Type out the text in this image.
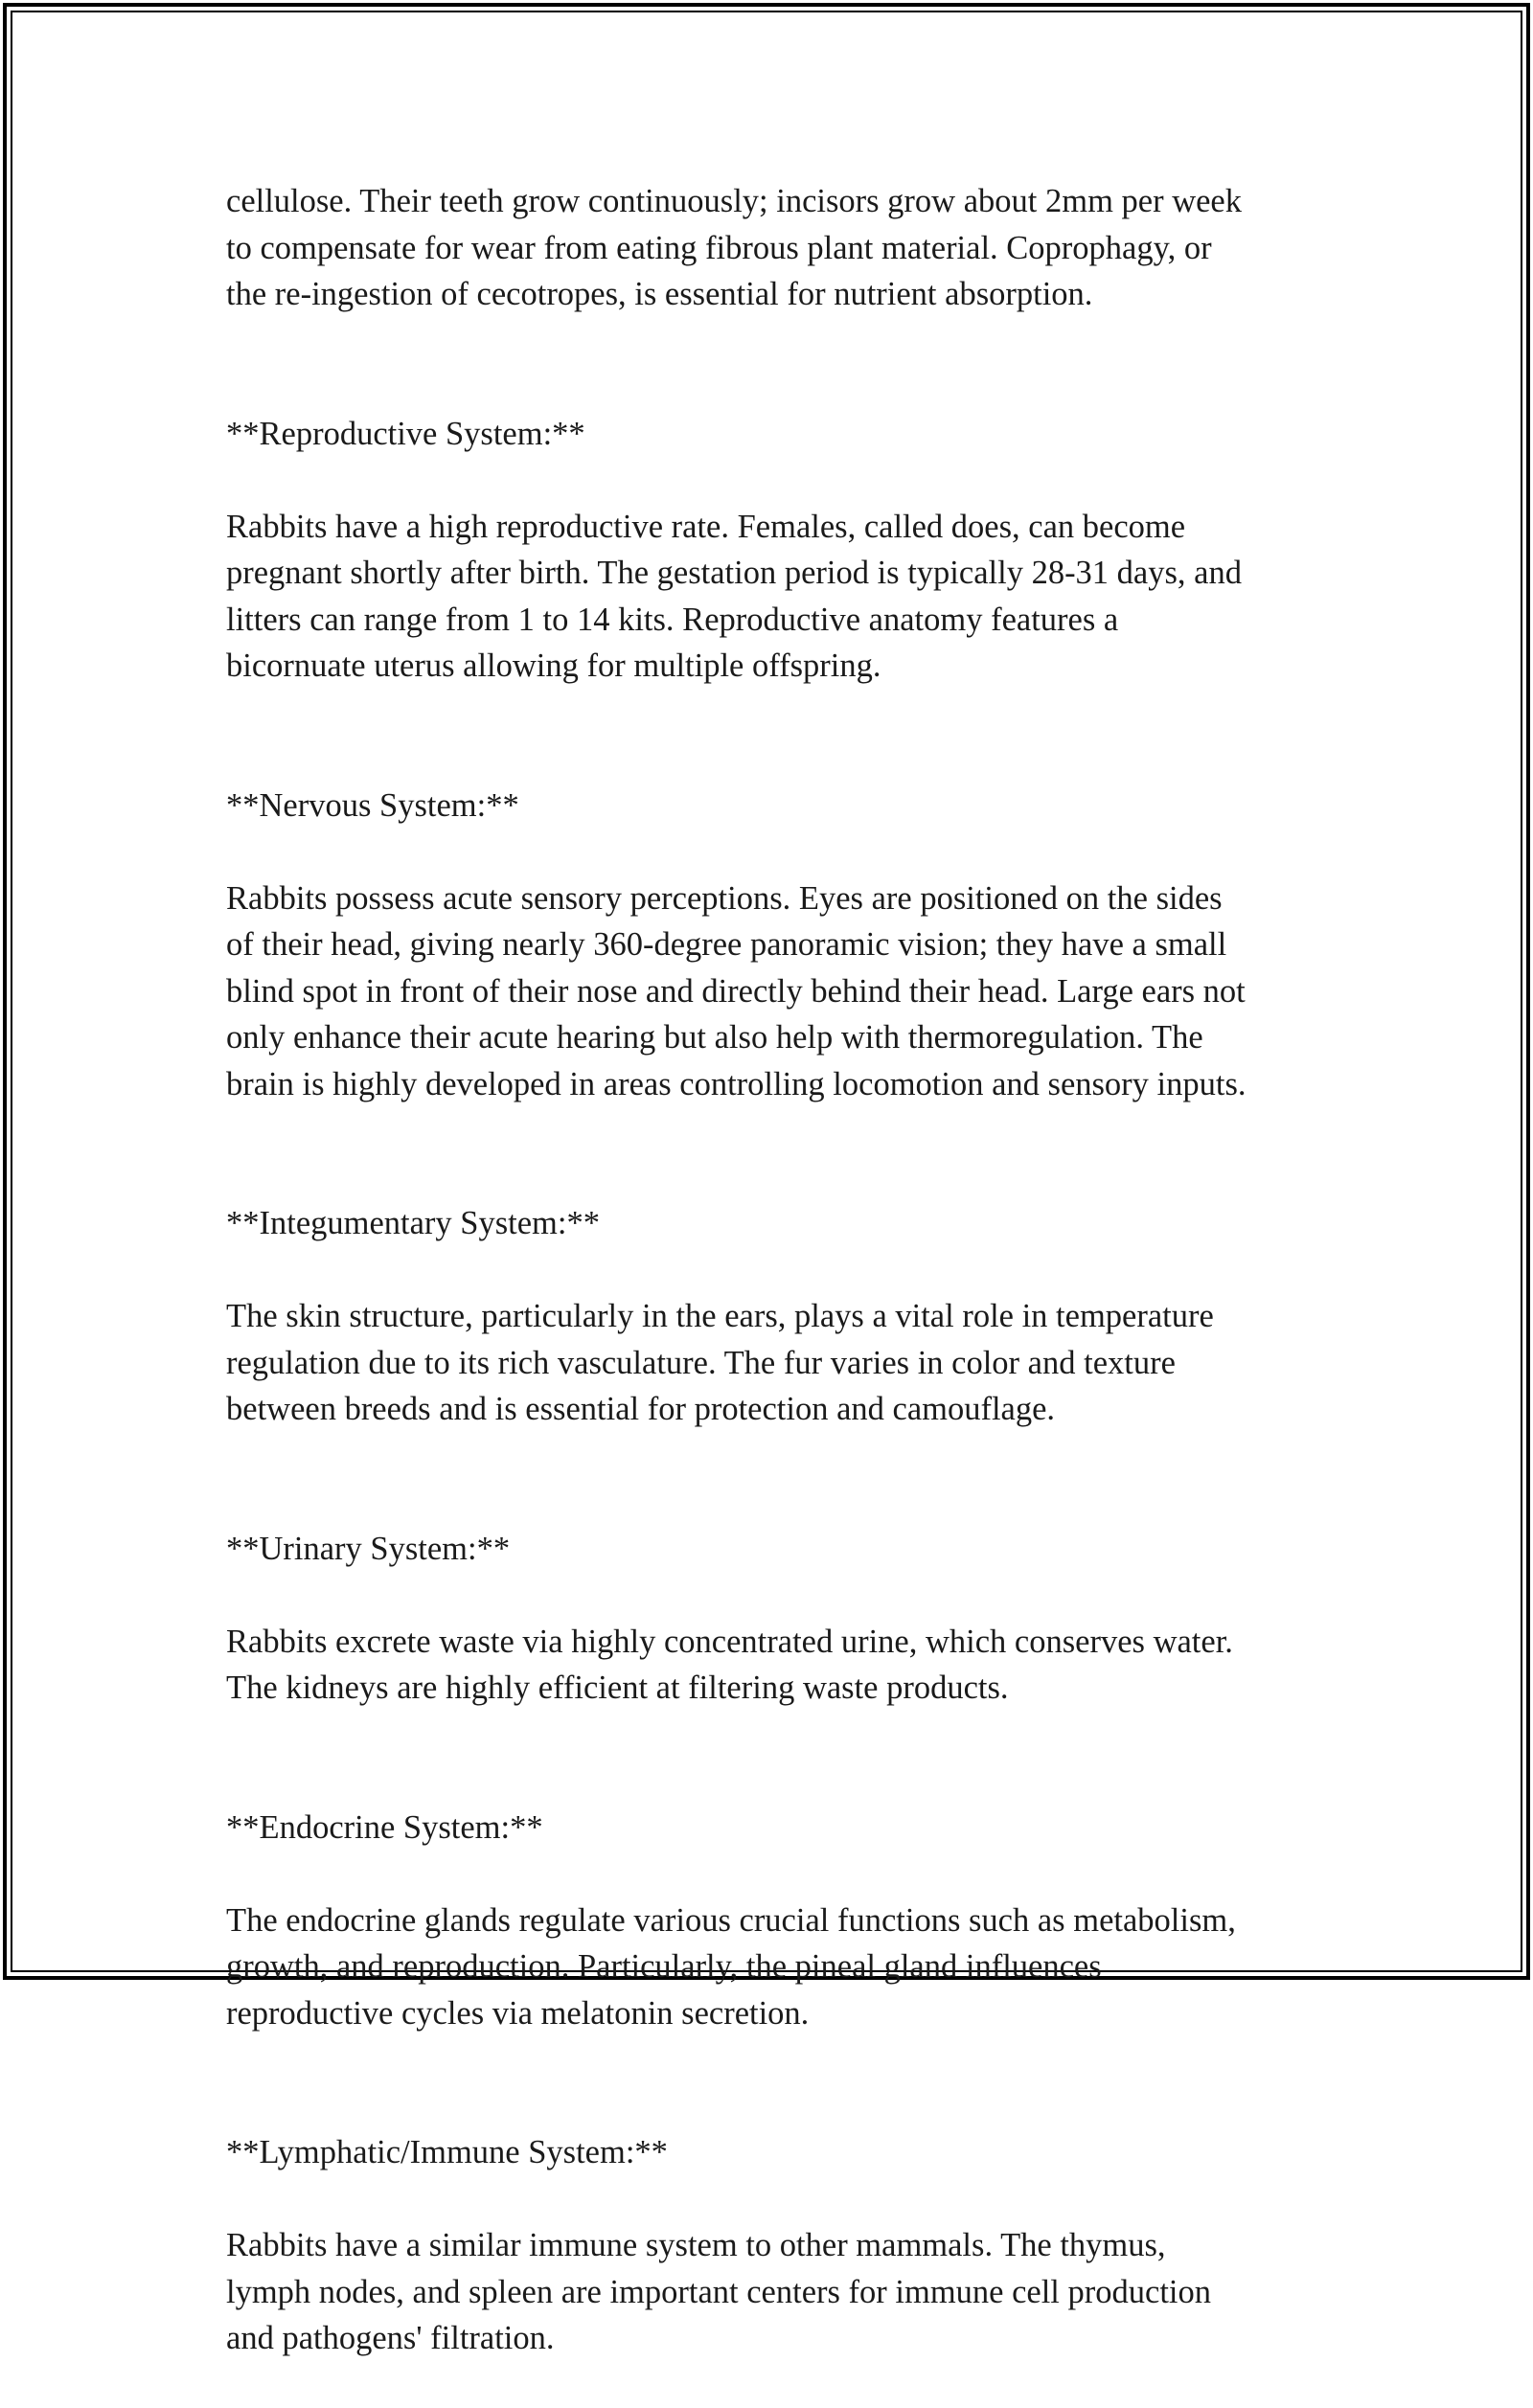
cellulose. Their teeth grow continuously; incisors grow about 2mm per week
to compensate for wear from eating fibrous plant material. Coprophagy, or
the re-ingestion of cecotropes, is essential for nutrient absorption.

**Reproductive System:**

Rabbits have a high reproductive rate. Females, called does, can become
pregnant shortly after birth. The gestation period is typically 28-31 days, and
litters can range from 1 to 14 kits. Reproductive anatomy features a
bicornuate uterus allowing for multiple offspring.

**Nervous System:**

Rabbits possess acute sensory perceptions. Eyes are positioned on the sides
of their head, giving nearly 360-degree panoramic vision; they have a small
blind spot in front of their nose and directly behind their head. Large ears not
only enhance their acute hearing but also help with thermoregulation. The
brain is highly developed in areas controlling locomotion and sensory inputs.

**Integumentary System:**

The skin structure, particularly in the ears, plays a vital role in temperature
regulation due to its rich vasculature. The fur varies in color and texture
between breeds and is essential for protection and camouflage.

**Urinary System:**

Rabbits excrete waste via highly concentrated urine, which conserves water.
The kidneys are highly efficient at filtering waste products.

**Endocrine System:**

The endocrine glands regulate various crucial functions such as metabolism,
growth, and reproduction. Particularly, the pineal gland influences
reproductive cycles via melatonin secretion.

**Lymphatic/Immune System:**

Rabbits have a similar immune system to other mammals. The thymus,
lymph nodes, and spleen are important centers for immune cell production
and pathogens' filtration.
